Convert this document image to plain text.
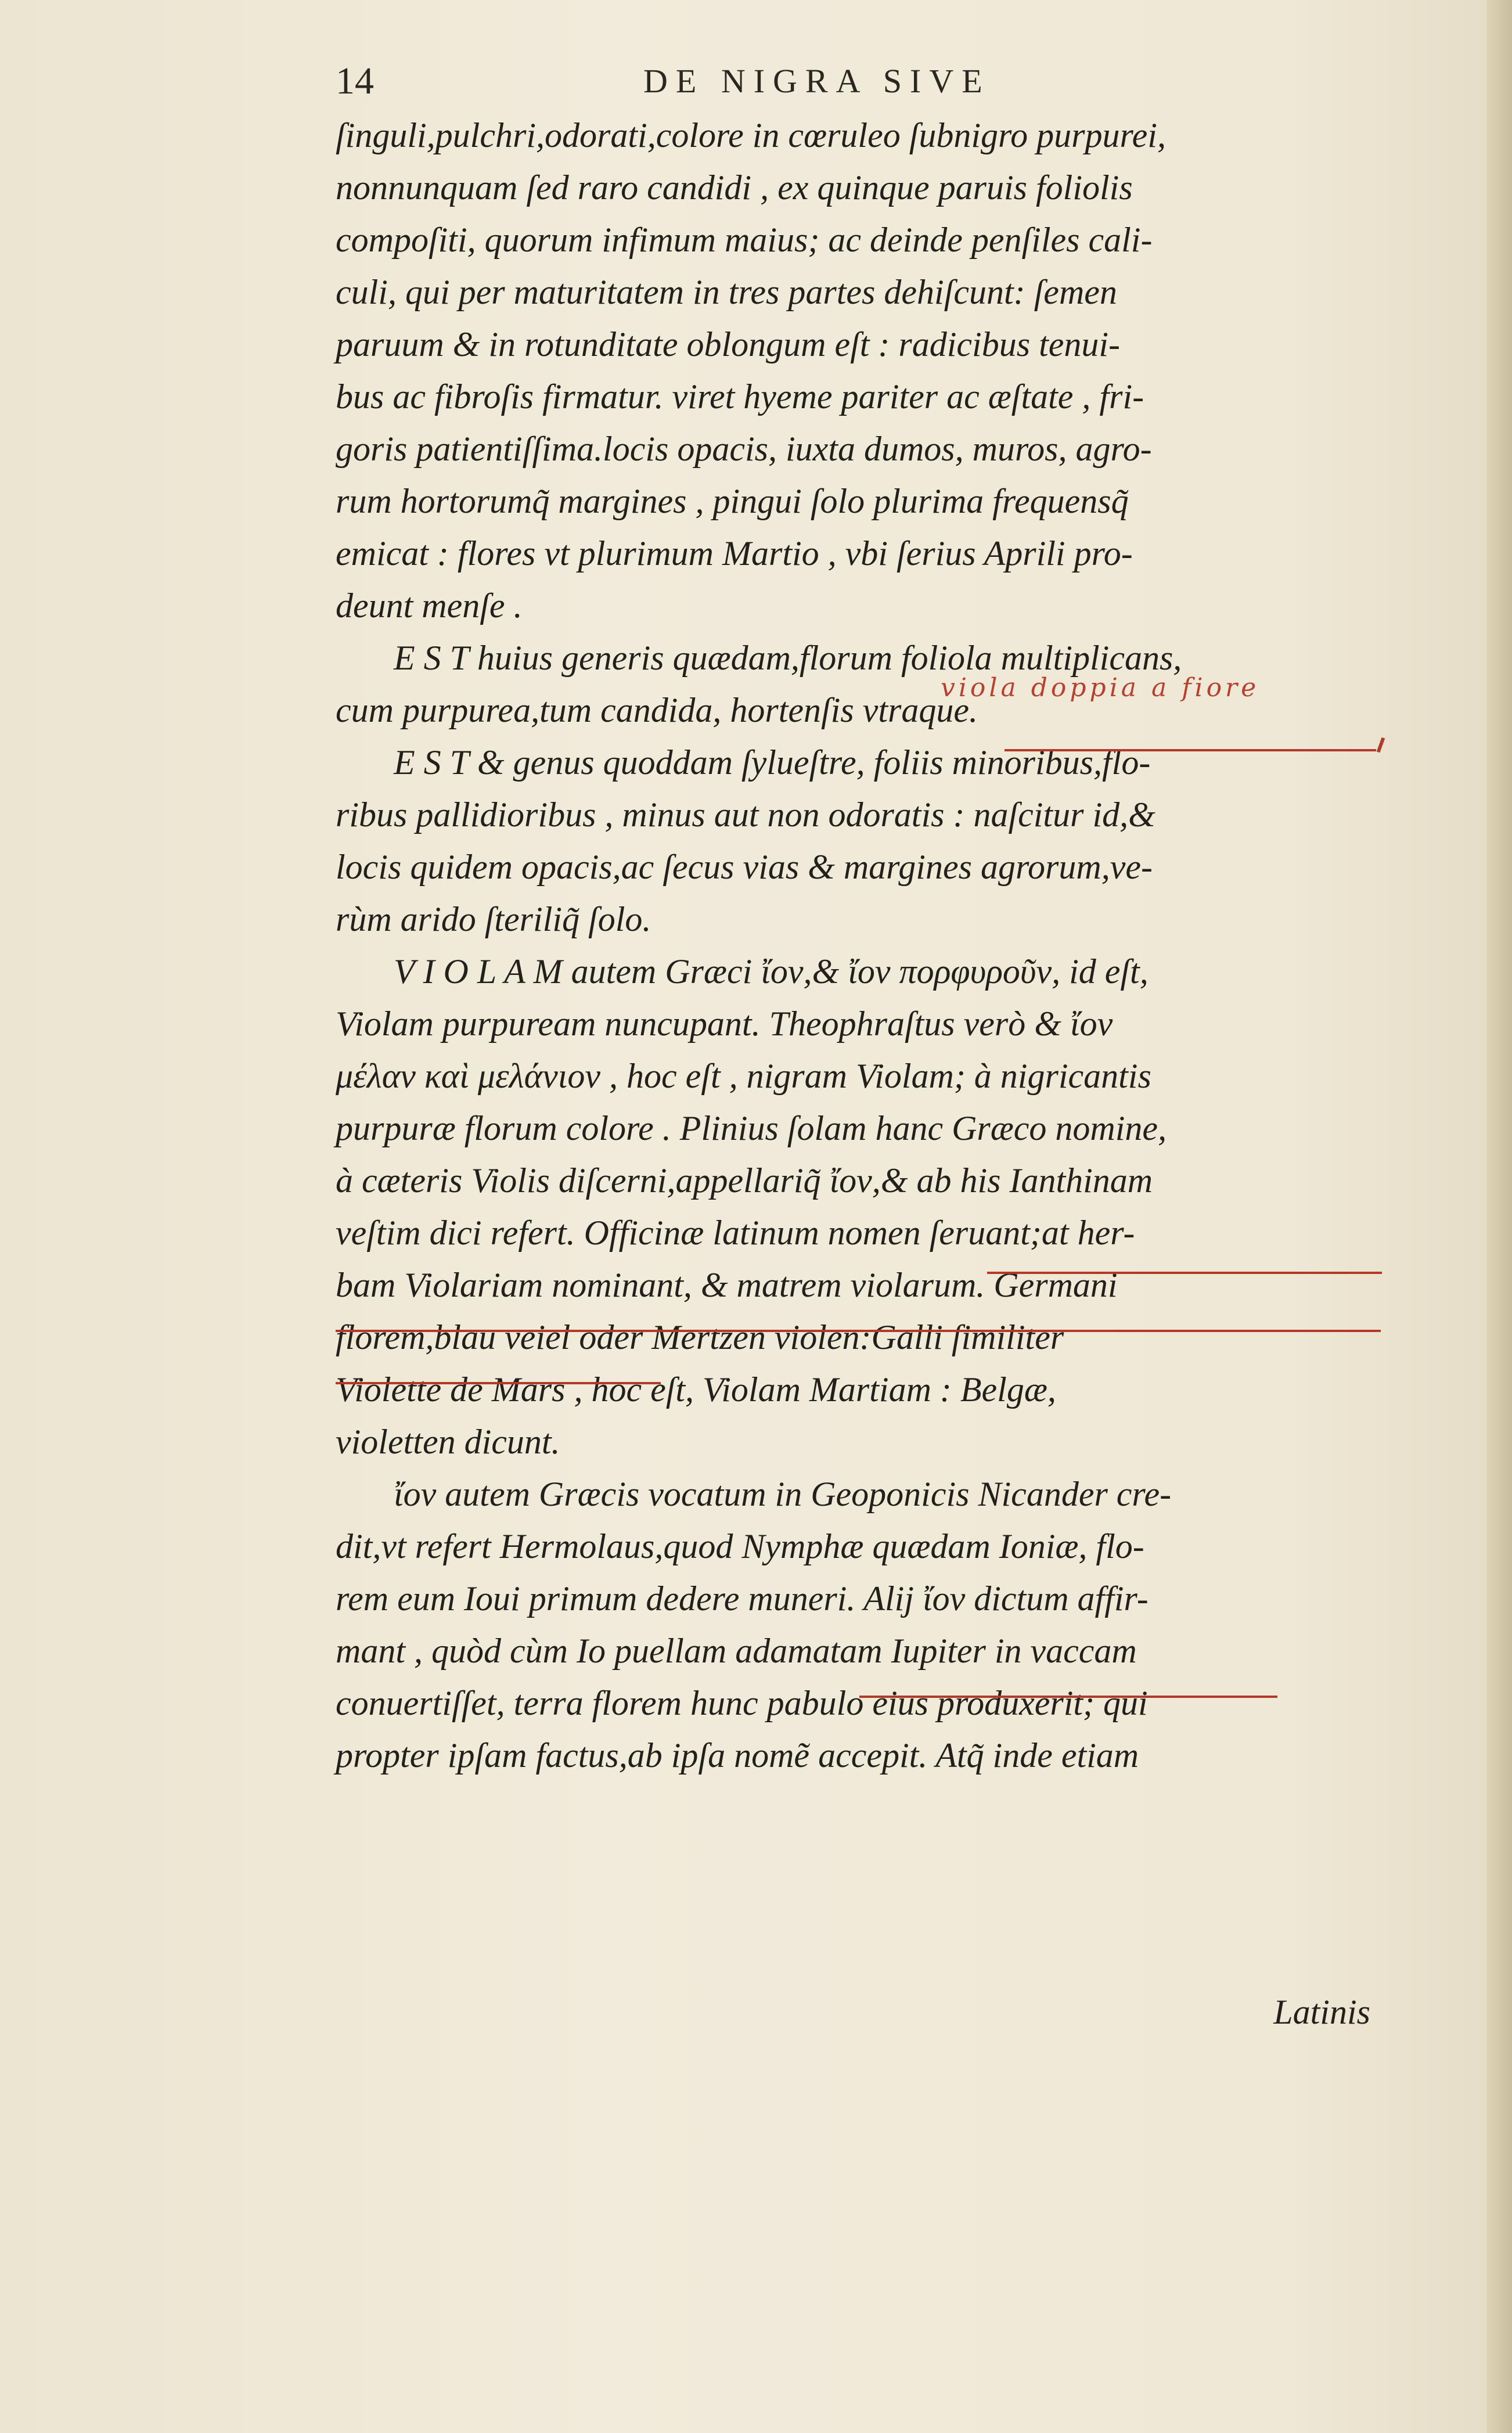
14	DE NIGRA SIVE
ſinguli,pulchri,odorati,colore in cœruleo ſubnigro purpurei,
nonnunquam ſed raro candidi , ex quinque paruis foliolis
compoſiti, quorum infimum maius; ac deinde penſiles cali-
culi, qui per maturitatem in tres partes dehiſcunt: ſemen
paruum & in rotunditate oblongum eſt : radicibus tenui-
bus ac fibroſis firmatur. viret hyeme pariter ac æſtate , fri-
goris patientiſſima.locis opacis, iuxta dumos, muros, agro-
rum hortorumq̃ margines , pingui ſolo plurima frequensq̃
emicat : flores vt plurimum Martio , vbi ſerius Aprili pro-
deunt menſe .
E S T huius generis quædam,florum foliola multiplicans,
cum purpurea,tum candida, hortenſis vtraque.
E S T & genus quoddam ſylueſtre, foliis minoribus,flo-
ribus pallidioribus , minus aut non odoratis : naſcitur id,&
locis quidem opacis,ac ſecus vias & margines agrorum,ve-
rùm arido ſteriliq̃ ſolo.
V I O L A M autem Græci ἴον,& ἴον πορφυροῦν, id eſt,
Violam purpuream nuncupant. Theophraſtus verò & ἴον
μέλαν καὶ μελάνιον , hoc eſt , nigram Violam; à nigricantis
purpuræ florum colore . Plinius ſolam hanc Græco nomine,
à cæteris Violis diſcerni,appellariq̃ ἴον,& ab his Ianthinam
veſtim dici refert. Officinæ latinum nomen ſeruant;at her-
bam Violariam nominant, & matrem violarum. Germani
florem,blau veiel oder Mertzen violen:Galli ſimiliter
Violette de Mars , hoc eſt, Violam Martiam : Belgæ,
violetten dicunt.
ἴον autem Græcis vocatum in Geoponicis Nicander cre-
dit,vt refert Hermolaus,quod Nymphæ quædam Ioniæ, flo-
rem eum Ioui primum dedere muneri. Alij ἴον dictum affir-
mant , quòd cùm Io puellam adamatam Iupiter in vaccam
conuertiſſet, terra florem hunc pabulo eius produxerit; qui
propter ipſam factus,ab ipſa nomẽ accepit. Atq̃ inde etiam
Latinis
viola doppia a fiore
